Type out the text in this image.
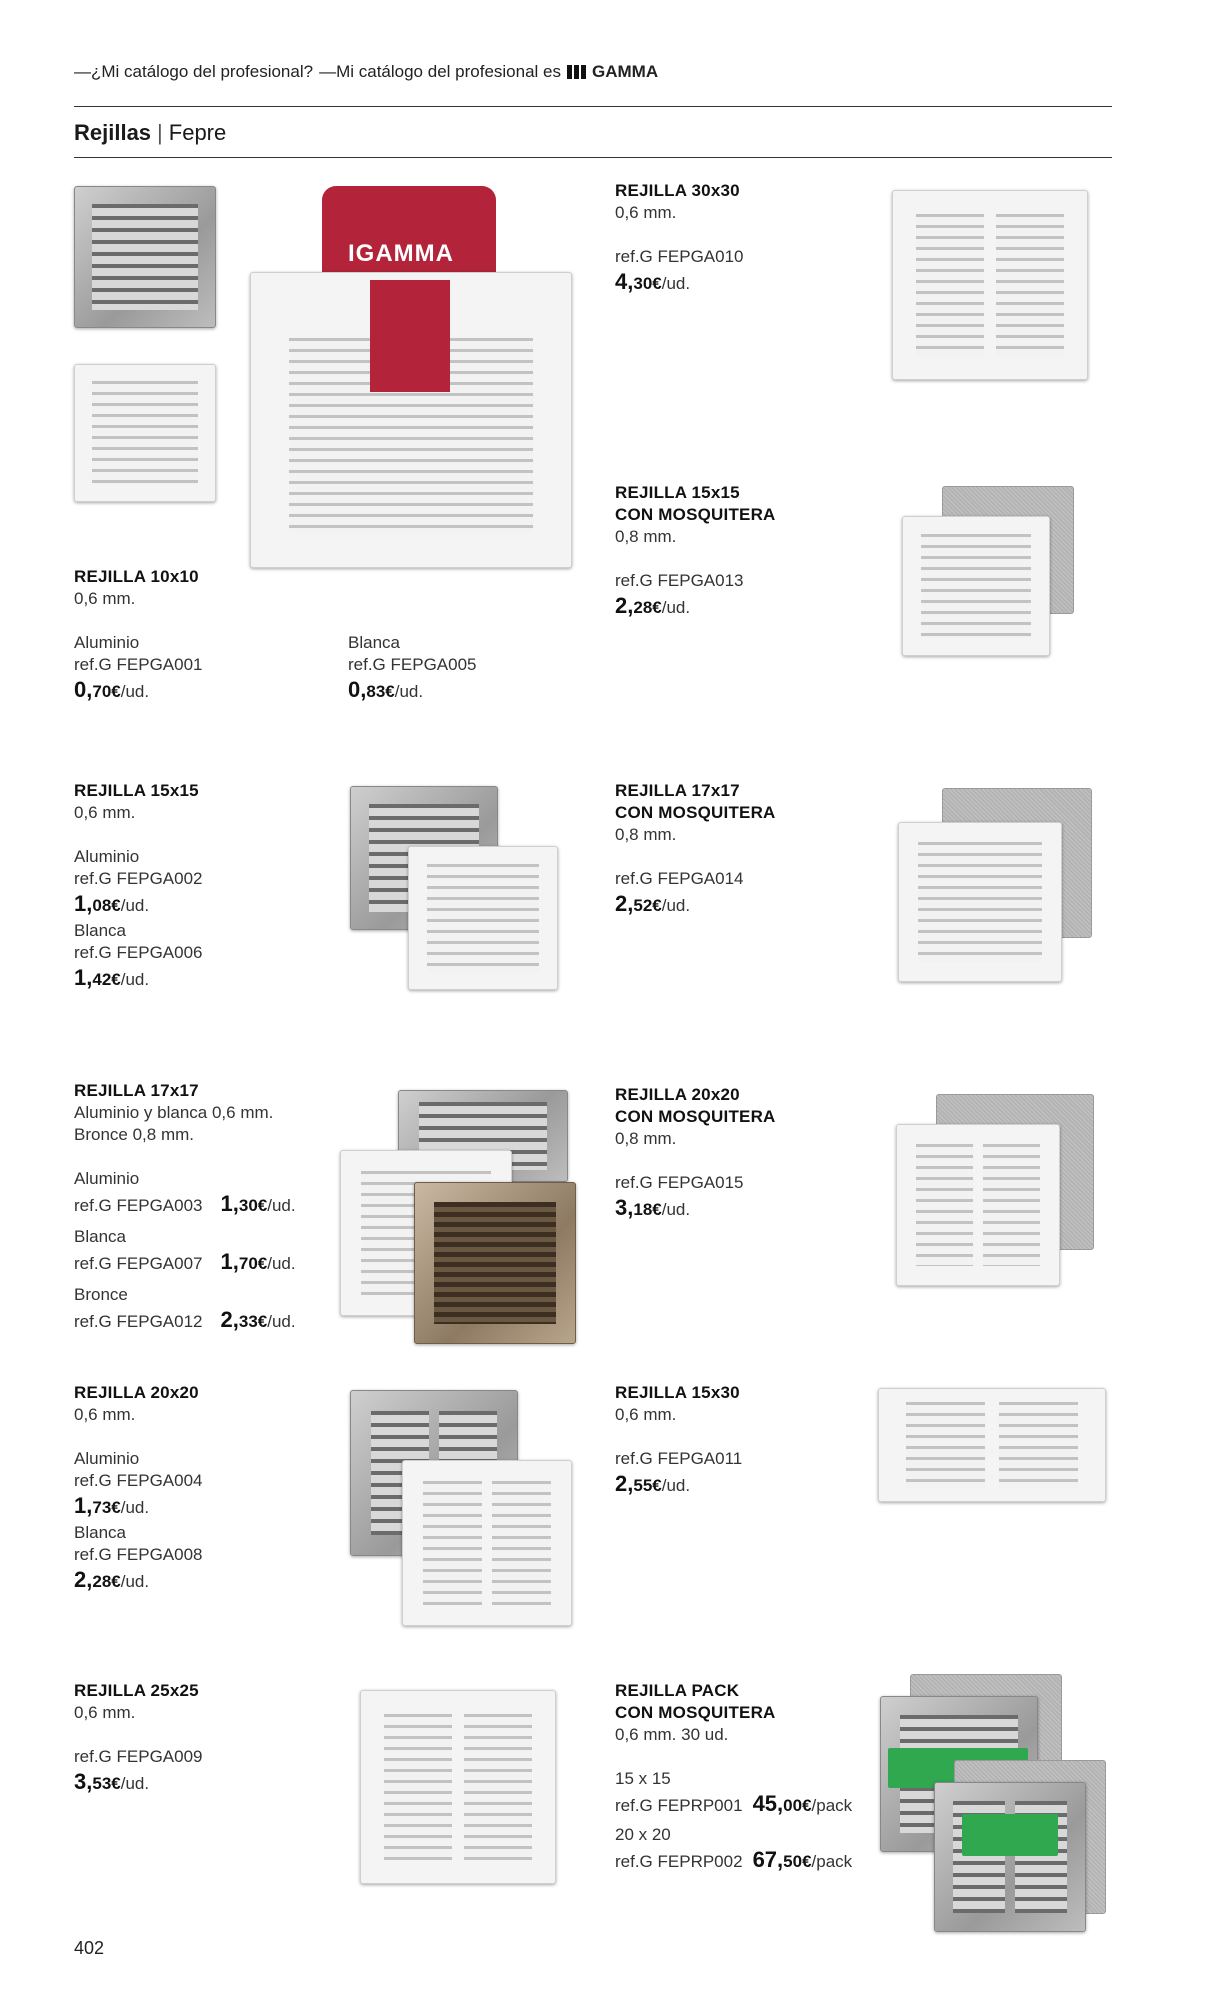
—¿Mi catálogo del profesional? —Mi catálogo del profesional es GAMMA
Rejillas | Fepre
IGAMMA
REJILLA 10x10
0,6 mm.
Aluminio
ref.G FEPGA001
0,70€/ud.
Blanca
ref.G FEPGA005
0,83€/ud.
REJILLA 30x30
0,6 mm.
ref.G FEPGA010
4,30€/ud.
REJILLA 15x15
CON MOSQUITERA
0,8 mm.
ref.G FEPGA013
2,28€/ud.
REJILLA 15x15
0,6 mm.
Aluminio
ref.G FEPGA002
1,08€/ud.
Blanca
ref.G FEPGA006
1,42€/ud.
REJILLA 17x17
CON MOSQUITERA
0,8 mm.
ref.G FEPGA014
2,52€/ud.
REJILLA 17x17
Aluminio y blanca 0,6 mm.
Bronce 0,8 mm.
Aluminio
ref.G FEPGA003 1,30€/ud.
Blanca
ref.G FEPGA007 1,70€/ud.
Bronce
ref.G FEPGA012 2,33€/ud.
REJILLA 20x20
CON MOSQUITERA
0,8 mm.
ref.G FEPGA015
3,18€/ud.
REJILLA 20x20
0,6 mm.
Aluminio
ref.G FEPGA004
1,73€/ud.
Blanca
ref.G FEPGA008
2,28€/ud.
REJILLA 15x30
0,6 mm.
ref.G FEPGA011
2,55€/ud.
REJILLA 25x25
0,6 mm.
ref.G FEPGA009
3,53€/ud.
REJILLA PACK
CON MOSQUITERA
0,6 mm. 30 ud.
15 x 15
ref.G FEPRP001 45,00€/pack
20 x 20
ref.G FEPRP002 67,50€/pack
402
